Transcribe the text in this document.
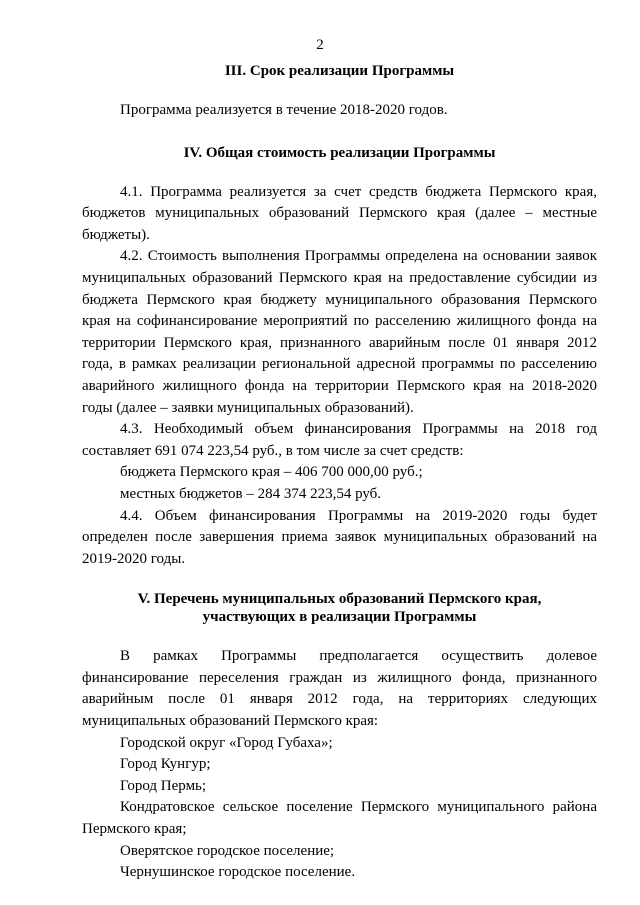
2
III. Срок реализации Программы

Программа реализуется в течение 2018-2020 годов.

IV. Общая стоимость реализации Программы

4.1. Программа реализуется за счет средств бюджета Пермского края, бюджетов муниципальных образований Пермского края (далее – местные бюджеты).

4.2. Стоимость выполнения Программы определена на основании заявок муниципальных образований Пермского края на предоставление субсидии из бюджета Пермского края бюджету муниципального образования Пермского края на софинансирование мероприятий по расселению жилищного фонда на территории Пермского края, признанного аварийным после 01 января 2012 года, в рамках реализации региональной адресной программы по расселению аварийного жилищного фонда на территории Пермского края на 2018-2020 годы (далее – заявки муниципальных образований).

4.3. Необходимый объем финансирования Программы на 2018 год составляет 691 074 223,54 руб., в том числе за счет средств:

бюджета Пермского края – 406 700 000,00 руб.;
местных бюджетов – 284 374 223,54 руб.

4.4. Объем финансирования Программы на 2019-2020 годы будет определен после завершения приема заявок муниципальных образований на 2019-2020 годы.

V. Перечень муниципальных образований Пермского края,
участвующих в реализации Программы

В рамках Программы предполагается осуществить долевое финансирование переселения граждан из жилищного фонда, признанного аварийным после 01 января 2012 года, на территориях следующих муниципальных образований Пермского края:

Городской округ «Город Губаха»;

Город Кунгур;

Город Пермь;

Кондратовское сельское поселение Пермского муниципального района Пермского края;

Оверятское городское поселение;

Чернушинское городское поселение.
